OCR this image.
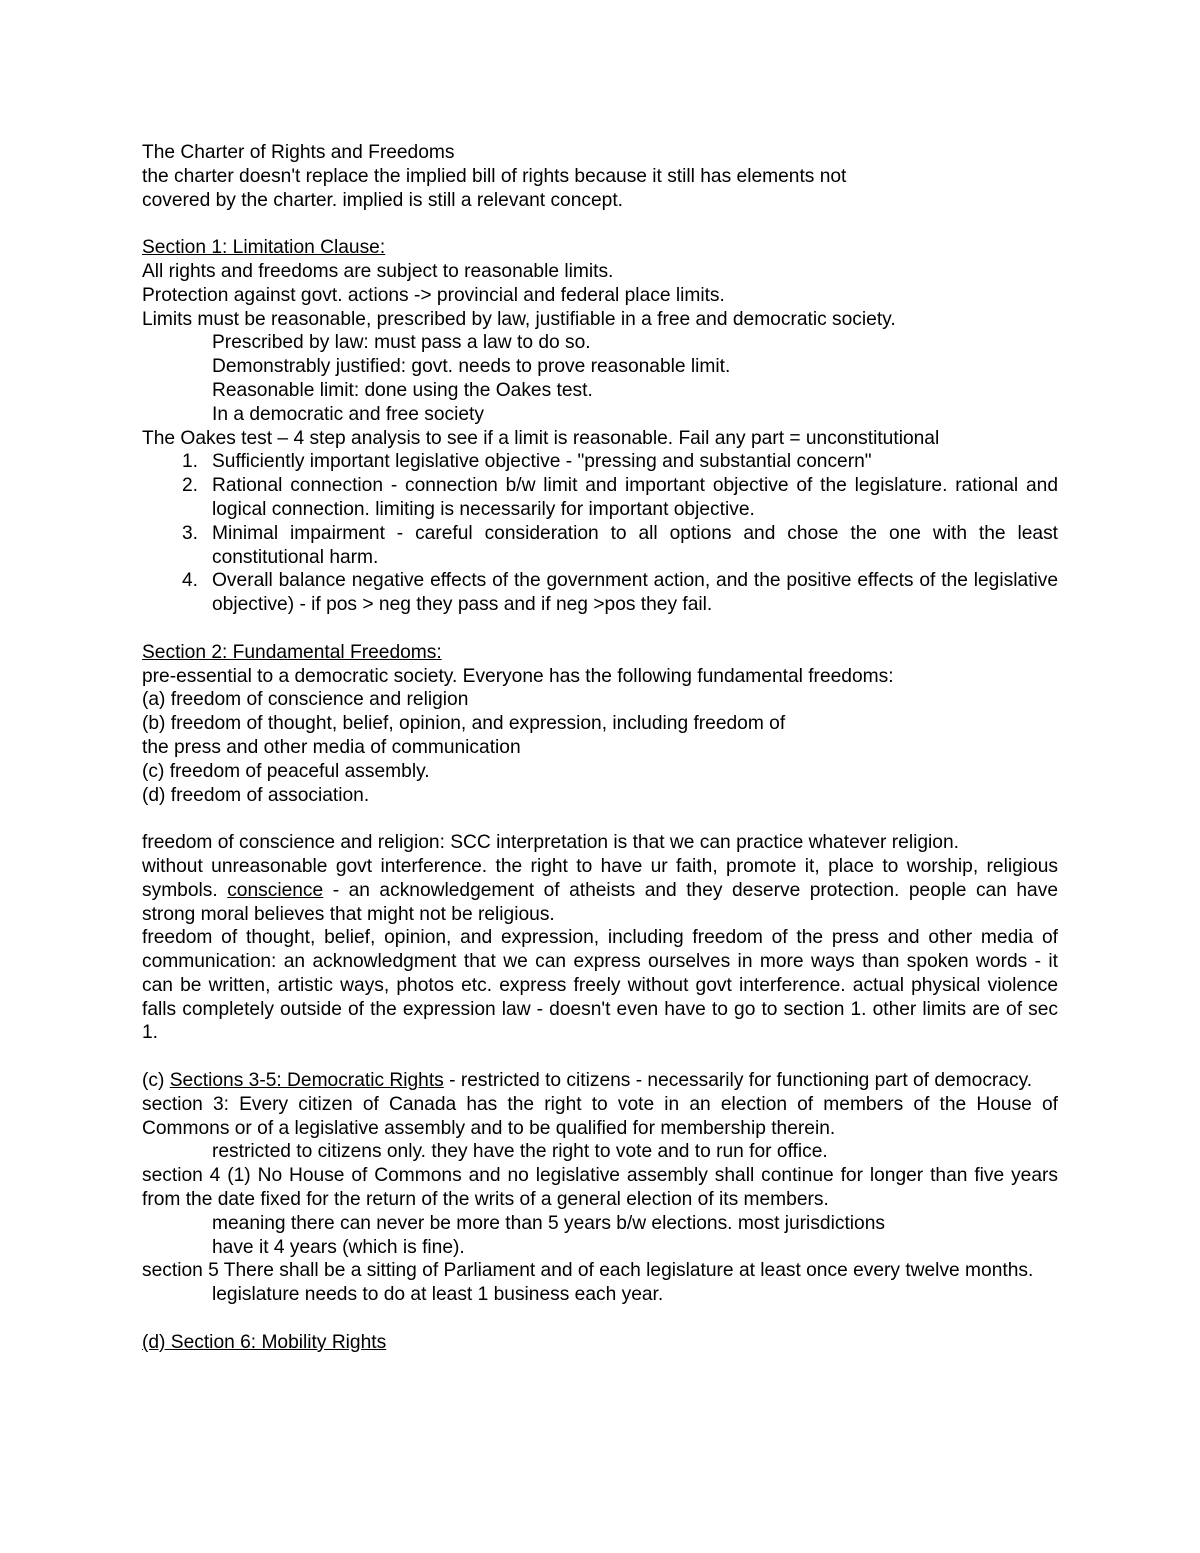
The Charter of Rights and Freedoms

the charter doesn't replace the implied bill of rights because it still has elements not

covered by the charter. implied is still a relevant concept.

Section 1: Limitation Clause:

All rights and freedoms are subject to reasonable limits.

Protection against govt. actions -> provincial and federal place limits.

Limits must be reasonable, prescribed by law, justifiable in a free and democratic society.

Prescribed by law: must pass a law to do so.

Demonstrably justified: govt. needs to prove reasonable limit.

Reasonable limit: done using the Oakes test.

In a democratic and free society

The Oakes test – 4 step analysis to see if a limit is reasonable. Fail any part = unconstitutional

1. Sufficiently important legislative objective - "pressing and substantial concern"
2. Rational connection - connection b/w limit and important objective of the legislature. rational and logical connection. limiting is necessarily for important objective.
3. Minimal impairment - careful consideration to all options and chose the one with the least constitutional harm.
4. Overall balance negative effects of the government action, and the positive effects of the legislative objective) - if pos > neg they pass and if neg >pos they fail.

Section 2: Fundamental Freedoms:

pre-essential to a democratic society. Everyone has the following fundamental freedoms:

(a) freedom of conscience and religion

(b) freedom of thought, belief, opinion, and expression, including freedom of

the press and other media of communication

(c) freedom of peaceful assembly.

(d) freedom of association.

freedom of conscience and religion: SCC interpretation is that we can practice whatever religion.

without unreasonable govt interference. the right to have ur faith, promote it, place to worship, religious symbols. conscience - an acknowledgement of atheists and they deserve protection. people can have strong moral believes that might not be religious.

freedom of thought, belief, opinion, and expression, including freedom of the press and other media of communication: an acknowledgment that we can express ourselves in more ways than spoken words - it can be written, artistic ways, photos etc. express freely without govt interference. actual physical violence falls completely outside of the expression law - doesn't even have to go to section 1. other limits are of sec 1.

(c) Sections 3-5: Democratic Rights - restricted to citizens - necessarily for functioning part of democracy.

section 3: Every citizen of Canada has the right to vote in an election of members of the House of Commons or of a legislative assembly and to be qualified for membership therein.

restricted to citizens only. they have the right to vote and to run for office.

section 4 (1) No House of Commons and no legislative assembly shall continue for longer than five years from the date fixed for the return of the writs of a general election of its members.

meaning there can never be more than 5 years b/w elections. most jurisdictions

have it 4 years (which is fine).

section 5 There shall be a sitting of Parliament and of each legislature at least once every twelve months.

legislature needs to do at least 1 business each year.

(d) Section 6: Mobility Rights
